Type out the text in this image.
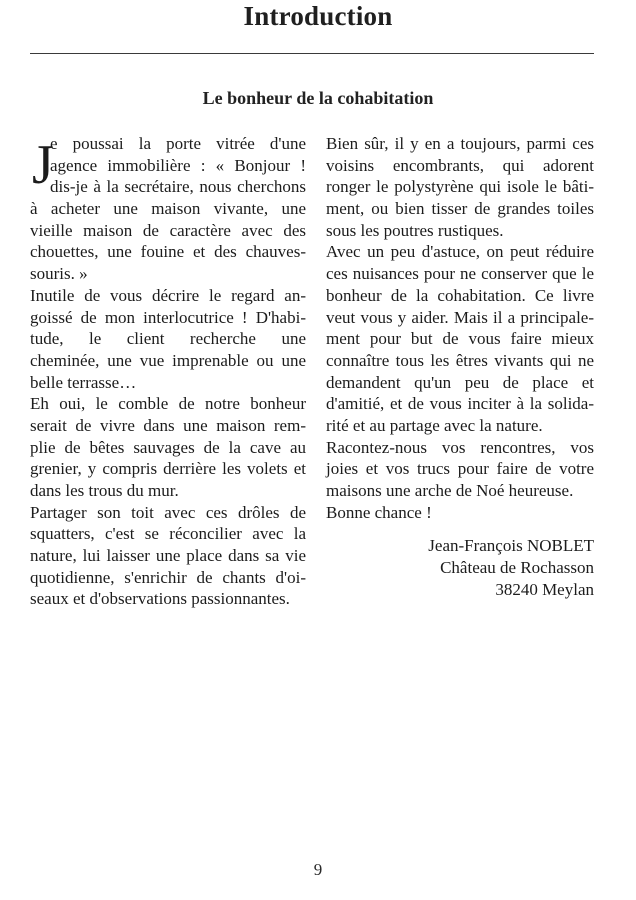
Introduction
Le bonheur de la cohabitation
J
e poussai la porte vitrée d'une
agence immobilière : « Bonjour !
dis-je à la secrétaire, nous cherchons
à acheter une maison vivante, une
vieille maison de caractère avec des
chouettes, une fouine et des chauves-
souris. »
Inutile de vous décrire le regard an-
goissé de mon interlocutrice ! D'habi-
tude, le client recherche une
cheminée, une vue imprenable ou une
belle terrasse…
Eh oui, le comble de notre bonheur
serait de vivre dans une maison rem-
plie de bêtes sauvages de la cave au
grenier, y compris derrière les volets et
dans les trous du mur.
Partager son toit avec ces drôles de
squatters, c'est se réconcilier avec la
nature, lui laisser une place dans sa vie
quotidienne, s'enrichir de chants d'oi-
seaux et d'observations passionnantes.
Bien sûr, il y en a toujours, parmi ces
voisins encombrants, qui adorent
ronger le polystyrène qui isole le bâti-
ment, ou bien tisser de grandes toiles
sous les poutres rustiques.
Avec un peu d'astuce, on peut réduire
ces nuisances pour ne conserver que le
bonheur de la cohabitation. Ce livre
veut vous y aider. Mais il a principale-
ment pour but de vous faire mieux
connaître tous les êtres vivants qui ne
demandent qu'un peu de place et
d'amitié, et de vous inciter à la solida-
rité et au partage avec la nature.
Racontez-nous vos rencontres, vos
joies et vos trucs pour faire de votre
maisons une arche de Noé heureuse.
Bonne chance !
Jean-François NOBLET
Château de Rochasson
38240 Meylan
9
